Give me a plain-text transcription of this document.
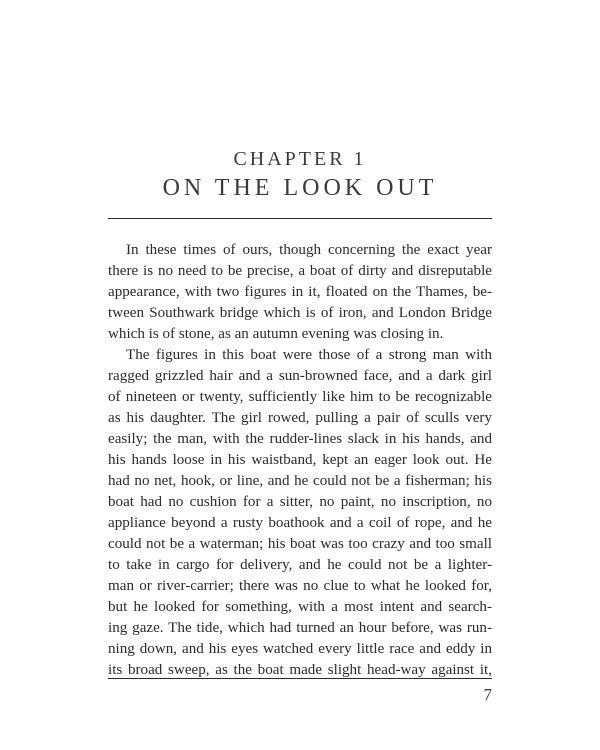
CHAPTER 1
ON THE LOOK OUT
In these times of ours, though concerning the exact year
there is no need to be precise, a boat of dirty and disreputable
appearance, with two figures in it, floated on the Thames, be-
tween Southwark bridge which is of iron, and London Bridge
which is of stone, as an autumn evening was closing in.
The figures in this boat were those of a strong man with
ragged grizzled hair and a sun-browned face, and a dark girl
of nineteen or twenty, sufficiently like him to be recognizable
as his daughter. The girl rowed, pulling a pair of sculls very
easily; the man, with the rudder-lines slack in his hands, and
his hands loose in his waistband, kept an eager look out. He
had no net, hook, or line, and he could not be a fisherman; his
boat had no cushion for a sitter, no paint, no inscription, no
appliance beyond a rusty boathook and a coil of rope, and he
could not be a waterman; his boat was too crazy and too small
to take in cargo for delivery, and he could not be a lighter-
man or river-carrier; there was no clue to what he looked for,
but he looked for something, with a most intent and search-
ing gaze. The tide, which had turned an hour before, was run-
ning down, and his eyes watched every little race and eddy in
its broad sweep, as the boat made slight head-way against it,
7
